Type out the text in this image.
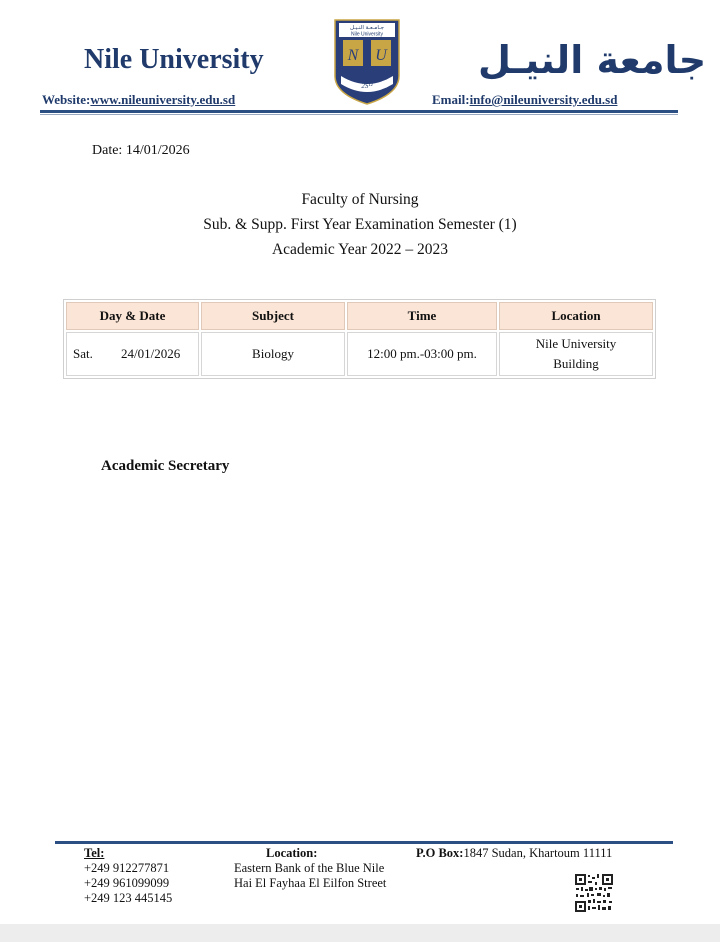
Nile University
جـامـعـة النـيـل
Nile University
N U
2S¹²
جامعة النيـل
Website:www.nileuniversity.edu.sd	Email:info@nileuniversity.edu.sd
Date: 14/01/2026
Faculty of Nursing
Sub. & Supp. First Year Examination Semester (1)
Academic Year 2022 – 2023
Day & Date	Subject	Time	Location
Sat. 24/01/2026	Biology	12:00 pm.-03:00 pm.	Nile University
Building
Academic Secretary
Tel:
+249 912277871
+249 961099099
+249 123 445145
Location:
Eastern Bank of the Blue Nile
Hai El Fayhaa El Eilfon Street
P.O Box:1847 Sudan, Khartoum 11111
